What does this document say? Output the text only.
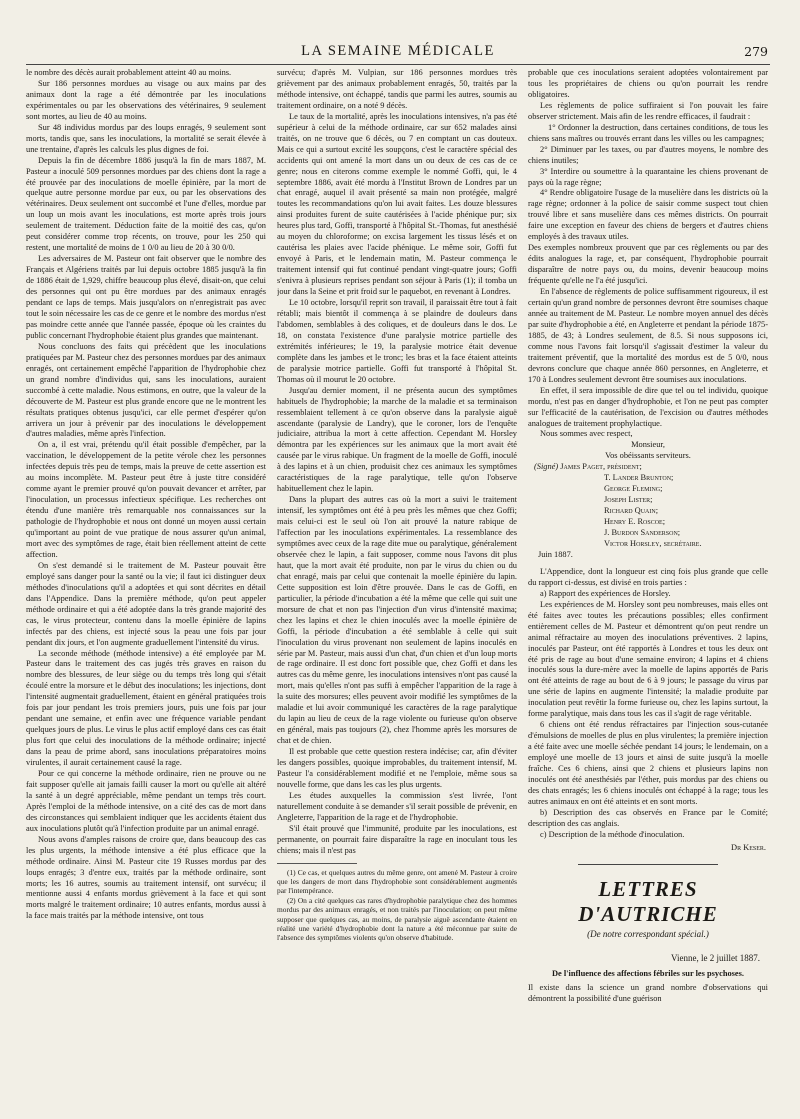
LA SEMAINE MÉDICALE	279

le nombre des décès aurait probablement atteint 40 au moins.

Sur 186 personnes mordues au visage ou aux mains par des animaux dont la rage a été démontrée par les inoculations expérimentales ou par les observations des vétérinaires, 9 seulement sont mortes, au lieu de 40 au moins.

Sur 48 individus mordus par des loups enragés, 9 seulement sont morts, tandis que, sans les inoculations, la mortalité se serait élevée à une trentaine, d'après les calculs les plus dignes de foi.

Depuis la fin de décembre 1886 jusqu'à la fin de mars 1887, M. Pasteur a inoculé 509 personnes mordues par des chiens dont la rage a été prouvée par des inoculations de moelle épinière, par la mort de quelque autre personne mordue par eux, ou par les observations des vétérinaires. Deux seulement ont succombé et l'une d'elles, mordue par un loup un mois avant les inoculations, est morte après trois jours seulement de traitement. Déduction faite de la moitié des cas, qu'on peut considérer comme trop récents, on trouve, pour les 250 qui restent, une mortalité de moins de 1 0/0 au lieu de 20 à 30 0/0.

Les adversaires de M. Pasteur ont fait observer que le nombre des Français et Algériens traités par lui depuis octobre 1885 jusqu'à la fin de 1886 était de 1,929, chiffre beaucoup plus élevé, disait-on, que celui des personnes qui ont pu être mordues par des animaux enragés pendant ce laps de temps. Mais jusqu'alors on n'enregistrait pas avec tout le soin nécessaire les cas de ce genre et le nombre des mordus n'est pas moindre cette année que l'année passée, époque où les craintes du public concernant l'hydrophobie étaient plus grandes que maintenant.

Nous concluons des faits qui précèdent que les inoculations pratiquées par M. Pasteur chez des personnes mordues par des animaux enragés, ont certainement empêché l'apparition de l'hydrophobie chez un grand nombre d'individus qui, sans les inoculations, auraient succombé à cette maladie. Nous estimons, en outre, que la valeur de la découverte de M. Pasteur est plus grande encore que ne le montrent les résultats pratiques obtenus jusqu'ici, car elle permet d'espérer qu'on arrivera un jour à prévenir par des inoculations le développement d'autres maladies, même après l'infection.

On a, il est vrai, prétendu qu'il était possible d'empêcher, par la vaccination, le développement de la petite vérole chez les personnes infectées depuis très peu de temps, mais la preuve de cette assertion est au moins incomplète. M. Pasteur peut être à juste titre considéré comme ayant le premier prouvé qu'on pouvait devancer et arrêter, par l'inoculation, un processus infectieux spécifique. Les recherches ont étendu d'une manière très remarquable nos connaissances sur la pathologie de l'hydrophobie et nous ont donné un moyen aussi certain qu'important au point de vue pratique de nous assurer qu'un animal, mort avec des symptômes de rage, était bien réellement atteint de cette affection.

On s'est demandé si le traitement de M. Pasteur pouvait être employé sans danger pour la santé ou la vie; il faut ici distinguer deux méthodes d'inoculations qu'il a adoptées et qui sont décrites en détail dans l'Appendice. Dans la première méthode, qu'on peut appeler méthode ordinaire et qui a été adoptée dans la très grande majorité des cas, le virus protecteur, contenu dans la moelle épinière de lapins infectés par des chiens, est injecté sous la peau une fois par jour pendant dix jours, et l'on augmente graduellement l'intensité du virus.

La seconde méthode (méthode intensive) a été employée par M. Pasteur dans le traitement des cas jugés très graves en raison du nombre des blessures, de leur siège ou du temps très long qui s'était écoulé entre la morsure et le début des inoculations; les injections, dont l'intensité augmentait graduellement, étaient en général pratiquées trois fois par jour pendant les trois premiers jours, puis une fois par jour pendant une semaine, et enfin avec une fréquence variable pendant quelques jours de plus. Le virus le plus actif employé dans ces cas était plus fort que celui des inoculations de la méthode ordinaire; injecté dans la peau de prime abord, sans inoculations préparatoires moins virulentes, il aurait certainement causé la rage.

Pour ce qui concerne la méthode ordinaire, rien ne prouve ou ne fait supposer qu'elle ait jamais failli causer la mort ou qu'elle ait altéré la santé à un degré appréciable, même pendant un temps très court. Après l'emploi de la méthode intensive, on a cité des cas de mort dans des circonstances qui semblaient indiquer que les accidents étaient dus aux inoculations plutôt qu'à l'infection produite par un animal enragé.

Nous avons d'amples raisons de croire que, dans beaucoup des cas les plus urgents, la méthode intensive a été plus efficace que la méthode ordinaire. Ainsi M. Pasteur cite 19 Russes mordus par des loups enragés; 3 d'entre eux, traités par la méthode ordinaire, sont morts; les 16 autres, soumis au traitement intensif, ont survécu; il mentionne aussi 4 enfants mordus grièvement à la face et qui sont morts malgré le traitement ordinaire; 10 autres enfants, mordus aussi à la face mais traités par la méthode intensive, ont tous

survécu; d'après M. Vulpian, sur 186 personnes mordues très grièvement par des animaux probablement enragés, 50, traités par la méthode intensive, ont échappé, tandis que parmi les autres, soumis au traitement ordinaire, on a noté 9 décès.

Le taux de la mortalité, après les inoculations intensives, n'a pas été supérieur à celui de la méthode ordinaire, car sur 652 malades ainsi traités, on ne trouve que 6 décès, ou 7 en comptant un cas douteux. Mais ce qui a surtout excité les soupçons, c'est le caractère spécial des accidents qui ont amené la mort dans un ou deux de ces cas de ce genre; nous en citerons comme exemple le nommé Goffi, qui, le 4 septembre 1886, avait été mordu à l'Institut Brown de Londres par un chat enragé, auquel il avait présenté sa main non protégée, malgré toutes les recommandations qu'on lui avait faites. Les douze blessures ainsi produites furent de suite cautérisées à l'acide phénique pur; six heures plus tard, Goffi, transporté à l'hôpital St.-Thomas, fut anesthésié au moyen du chloroforme; on excisa largement les tissus lésés et on cautérisa les plaies avec l'acide phénique. Le même soir, Goffi fut envoyé à Paris, et le lendemain matin, M. Pasteur commença le traitement intensif qui fut continué pendant vingt-quatre jours; Goffi s'enivra à plusieurs reprises pendant son séjour à Paris (1); il tomba un jour dans la Seine et prit froid sur le paquebot, en revenant à Londres.

Le 10 octobre, lorsqu'il reprit son travail, il paraissait être tout à fait rétabli; mais bientôt il commença à se plaindre de douleurs dans l'abdomen, semblables à des coliques, et de douleurs dans le dos. Le 18, on constata l'existence d'une paralysie motrice partielle des extrémités inférieures; le 19, la paralysie motrice était devenue complète dans les jambes et le tronc; les bras et la face étaient atteints de paralysie motrice partielle. Goffi fut transporté à l'hôpital St. Thomas où il mourut le 20 octobre.

Jusqu'au dernier moment, il ne présenta aucun des symptômes habituels de l'hydrophobie; la marche de la maladie et sa terminaison ressemblaient tellement à ce qu'on observe dans la paralysie aiguë ascendante (paralysie de Landry), que le coroner, lors de l'enquête judiciaire, attribua la mort à cette affection. Cependant M. Horsley démontra par les expériences sur les animaux que la mort avait été causée par le virus rabique. Un fragment de la moelle de Goffi, inoculé à des lapins et à un chien, produisit chez ces animaux les symptômes caractéristiques de la rage paralytique, telle qu'on l'observe habituellement chez le lapin.

Dans la plupart des autres cas où la mort a suivi le traitement intensif, les symptômes ont été à peu près les mêmes que chez Goffi; mais celui-ci est le seul où l'on ait prouvé la nature rabique de l'affection par les inoculations expérimentales. La ressemblance des symptômes avec ceux de la rage dite mue ou paralytique, généralement observée chez le lapin, a fait supposer, comme nous l'avons dit plus haut, que la mort avait été produite, non par le virus du chien ou du chat enragé, mais par celui que contenait la moelle épinière du lapin. Cette supposition est loin d'être prouvée. Dans le cas de Goffi, en particulier, la période d'incubation a été la même que celle qui suit une morsure de chat et non pas l'injection d'un virus d'intensité maxima; chez les lapins et chez le chien inoculés avec la moelle épinière de Goffi, la période d'incubation a été semblable à celle qui suit l'inoculation du virus provenant non seulement de lapins inoculés en série par M. Pasteur, mais aussi d'un chat, d'un chien et d'un loup morts de rage ordinaire. Il est donc fort possible que, chez Goffi et dans les autres cas du même genre, les inoculations intensives n'ont pas causé la mort, mais qu'elles n'ont pas suffi à empêcher l'apparition de la rage à la suite des morsures; elles peuvent avoir modifié les symptômes de la maladie et lui avoir communiqué les caractères de la rage paralytique du lapin au lieu de ceux de la rage violente ou furieuse qu'on observe en général, mais pas toujours (2), chez l'homme après les morsures de chat et de chien.

Il est probable que cette question restera indécise; car, afin d'éviter les dangers possibles, quoique improbables, du traitement intensif, M. Pasteur l'a considérablement modifié et ne l'emploie, même sous sa nouvelle forme, que dans les cas les plus urgents.

Les études auxquelles la commission s'est livrée, l'ont naturellement conduite à se demander s'il serait possible de prévenir, en Angleterre, l'apparition de la rage et de l'hydrophobie.

S'il était prouvé que l'immunité, produite par les inoculations, est permanente, on pourrait faire disparaître la rage en inoculant tous les chiens; mais il n'est pas

(1) Ce cas, et quelques autres du même genre, ont amené M. Pasteur à croire que les dangers de mort dans l'hydrophobie sont considérablement augmentés par l'intempérance.

(2) On a cité quelques cas rares d'hydrophobie paralytique chez des hommes mordus par des animaux enragés, et non traités par l'inoculation; on peut même supposer que quelques cas, au moins, de paralysie aiguë ascendante étaient en réalité une variété d'hydrophobie dont la nature a été méconnue par suite de l'absence des symptômes violents qu'on observe d'habitude.

probable que ces inoculations seraient adoptées volontairement par tous les propriétaires de chiens ou qu'on pourrait les rendre obligatoires.

Les règlements de police suffiraient si l'on pouvait les faire observer strictement. Mais afin de les rendre efficaces, il faudrait :

1° Ordonner la destruction, dans certaines conditions, de tous les chiens sans maîtres ou trouvés errant dans les villes ou les campagnes;

2° Diminuer par les taxes, ou par d'autres moyens, le nombre des chiens inutiles;

3° Interdire ou soumettre à la quarantaine les chiens provenant de pays où la rage règne;

4° Rendre obligatoire l'usage de la muselière dans les districts où la rage règne; ordonner à la police de saisir comme suspect tout chien trouvé libre et sans muselière dans ces mêmes districts. On pourrait faire une exception en faveur des chiens de bergers et d'autres chiens employés à des travaux utiles.

Des exemples nombreux prouvent que par ces règlements ou par des édits analogues la rage, et, par conséquent, l'hydrophobie pourrait disparaître de notre pays ou, du moins, devenir beaucoup moins fréquente qu'elle ne l'a été jusqu'ici.

En l'absence de règlements de police suffisamment rigoureux, il est certain qu'un grand nombre de personnes devront être soumises chaque année au traitement de M. Pasteur. Le nombre moyen annuel des décès par suite d'hydrophobie a été, en Angleterre et pendant la période 1875-1885, de 43; à Londres seulement, de 8.5. Si nous supposons ici, comme nous l'avons fait lorsqu'il s'agissait d'estimer la valeur du traitement préventif, que la mortalité des mordus est de 5 0/0, nous devrons conclure que chaque année 860 personnes, en Angleterre, et 170 à Londres seulement devront être soumises aux inoculations.

En effet, il sera impossible de dire que tel ou tel individu, quoique mordu, n'est pas en danger d'hydrophobie, et l'on ne peut pas compter sur l'efficacité de la cautérisation, de l'excision ou d'autres méthodes analogues de traitement prophylactique.

Nous sommes avec respect,

Monsieur,
Vos obéissants serviteurs.
(Signé) James Paget, président;
T. Lander Brunton;
George Fleming;
Joseph Lister;
Richard Quain;
Henry E. Roscoe;
J. Burdon Sanderson;
Victor Horsley, secrétaire.
Juin 1887.

L'Appendice, dont la longueur est cinq fois plus grande que celle du rapport ci-dessus, est divisé en trois parties :

a) Rapport des expériences de Horsley.

Les expériences de M. Horsley sont peu nombreuses, mais elles ont été faites avec toutes les précautions possibles; elles confirment entièrement celles de M. Pasteur et démontrent qu'on peut rendre un animal réfractaire au moyen des inoculations préventives. 2 lapins, inoculés par Pasteur, ont été rapportés à Londres et tous les deux ont été pris de rage au bout d'une semaine environ; 4 lapins et 4 chiens inoculés sous la dure-mère avec la moelle de lapins apportés de Paris ont été atteints de rage au bout de 6 à 9 jours; le passage du virus par une série de lapins en augmente l'intensité; la maladie produite par inoculation peut revêtir la forme furieuse ou, chez les lapins surtout, la forme paralytique, mais dans tous les cas il s'agit de rage véritable.

6 chiens ont été rendus réfractaires par l'injection sous-cutanée d'émulsions de moelles de plus en plus virulentes; la première injection a été faite avec une moelle séchée pendant 14 jours; le lendemain, on a employé une moelle de 13 jours et ainsi de suite jusqu'à la moelle fraîche. Ces 6 chiens, ainsi que 2 chiens et plusieurs lapins non inoculés ont été anesthésiés par l'éther, puis mordus par des chiens ou des chats enragés; les 6 chiens inoculés ont échappé à la rage; tous les autres animaux en ont été atteints et en sont morts.

b) Description des cas observés en France par le Comité; description des cas anglais.

c) Description de la méthode d'inoculation.

Dr Keser.
LETTRES D'AUTRICHE
(De notre correspondant spécial.)
Vienne, le 2 juillet 1887.
De l'influence des affections fébriles sur les psychoses.

Il existe dans la science un grand nombre d'observations qui démontrent la possibilité d'une guérison
